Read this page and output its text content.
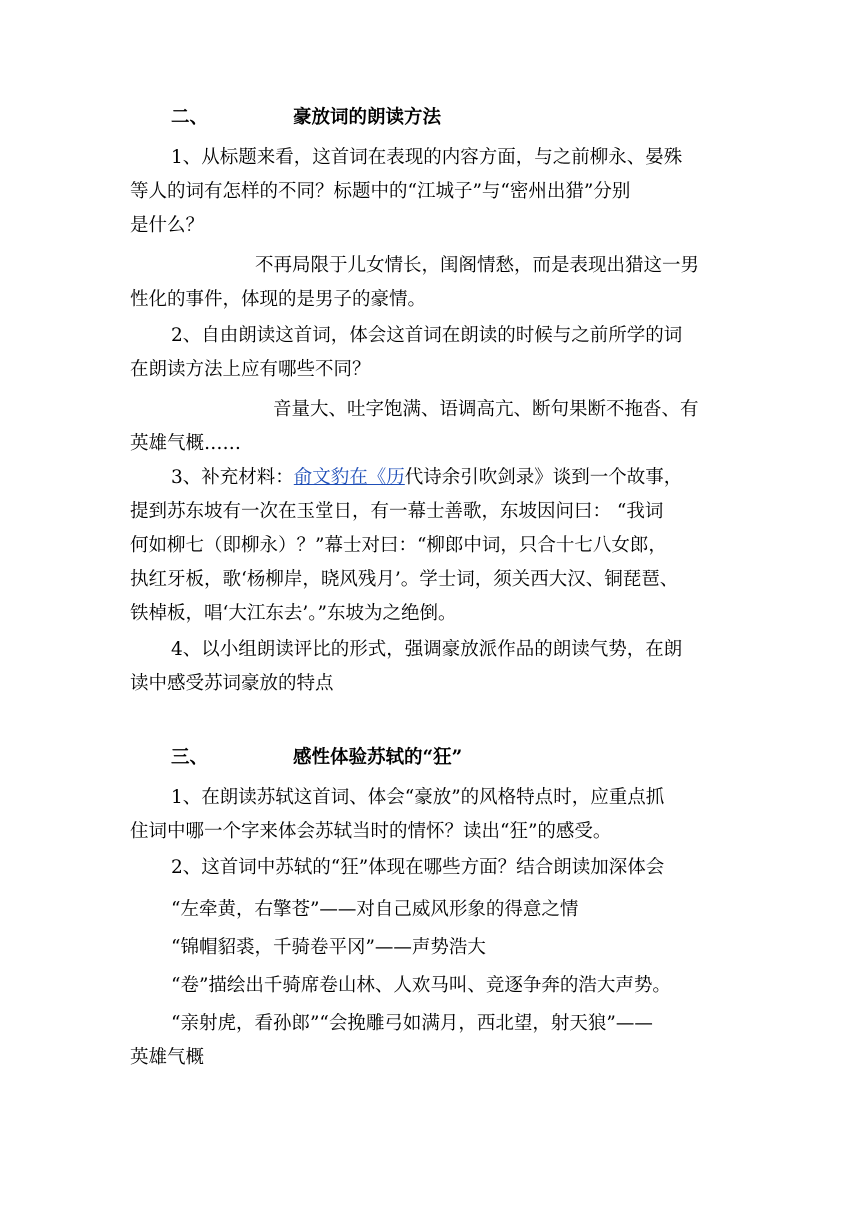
二、	豪放词的朗读方法
1、从标题来看，这首词在表现的内容方面，与之前柳永、晏殊
等人的词有怎样的不同？标题中的“江城子”与“密州出猎”分别
是什么？
不再局限于儿女情长，闺阁情愁，而是表现出猎这一男
性化的事件，体现的是男子的豪情。
2、自由朗读这首词，体会这首词在朗读的时候与之前所学的词
在朗读方法上应有哪些不同？
音量大、吐字饱满、语调高亢、断句果断不拖沓、有
英雄气概……
3、补充材料：俞文豹在《历代诗余引吹剑录》谈到一个故事，
提到苏东坡有一次在玉堂日，有一幕士善歌，东坡因问曰： “我词
何如柳七（即柳永）？”幕士对曰：“柳郎中词，只合十七八女郎，
执红牙板，歌‘杨柳岸，晓风残月’。学士词，须关西大汉、铜琵琶、
铁棹板，唱‘大江东去’。”东坡为之绝倒。
4、以小组朗读评比的形式，强调豪放派作品的朗读气势，在朗
读中感受苏词豪放的特点
三、	感性体验苏轼的“狂”
1、在朗读苏轼这首词、体会“豪放”的风格特点时，应重点抓
住词中哪一个字来体会苏轼当时的情怀？读出“狂”的感受。
2、这首词中苏轼的“狂”体现在哪些方面？结合朗读加深体会
“左牵黄，右擎苍”——对自己威风形象的得意之情
“锦帽貂裘，千骑卷平冈”——声势浩大
“卷”描绘出千骑席卷山林、人欢马叫、竞逐争奔的浩大声势。
“亲射虎，看孙郎”“会挽雕弓如满月，西北望，射天狼”——
英雄气概
